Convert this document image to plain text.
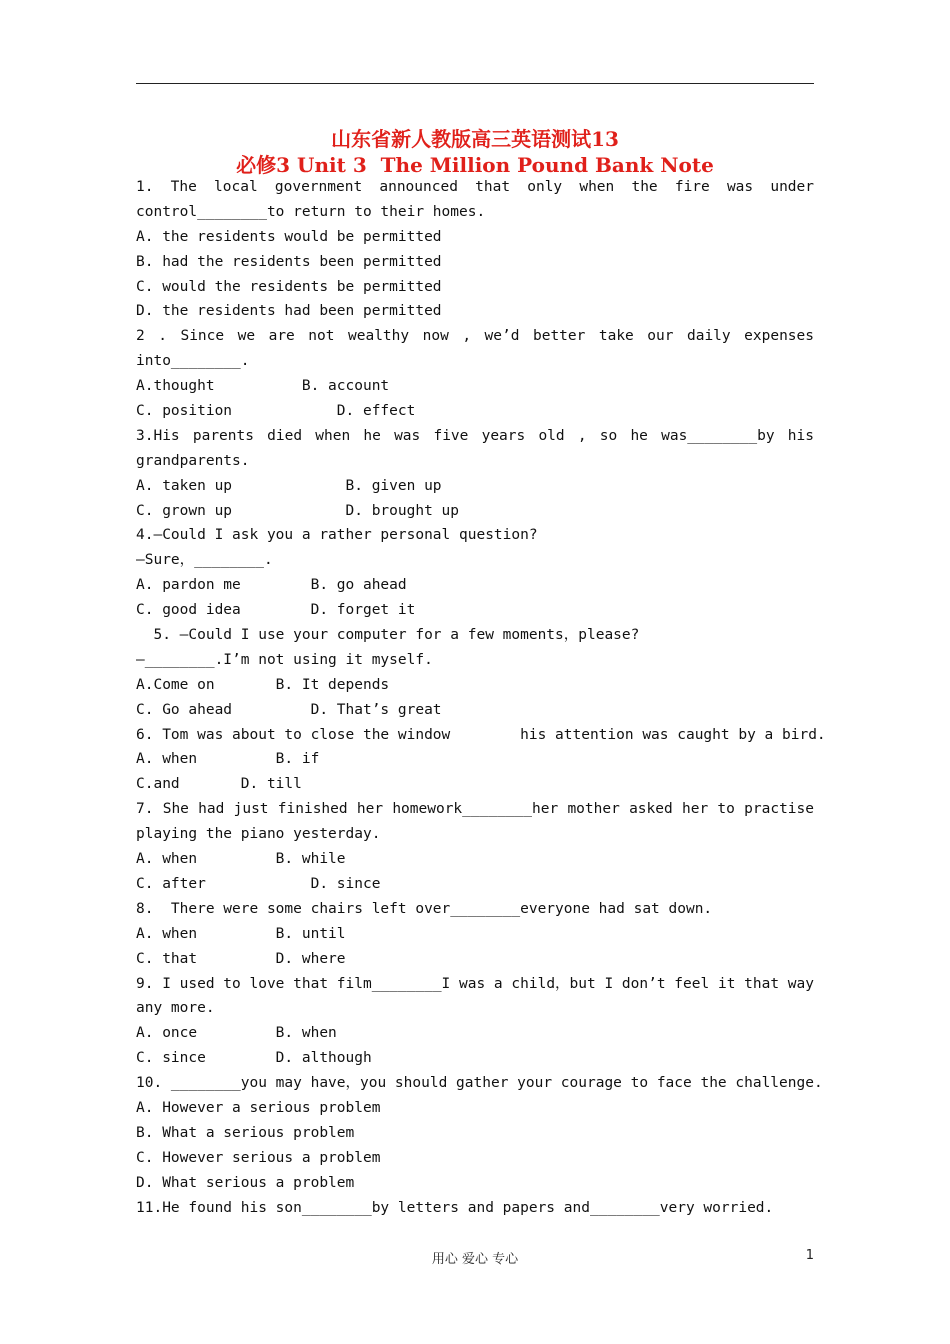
山东省新人教版高三英语测试13
必修3 Unit 3  The Million Pound Bank Note
1. The local government announced that only when the fire was under
control________to return to their homes.
A. the residents would be permitted
B. had the residents been permitted
C. would the residents be permitted
D. the residents had been permitted
2 . Since we are not wealthy now , we’d better take our daily expenses
into________.
A.thought          B. account
C. position            D. effect
3.His parents died when he was five years old , so he was________by his
grandparents.
A. taken up             B. given up
C. grown up             D. brought up
4.—Could I ask you a rather personal question?
—Sure，________.
A. pardon me        B. go ahead
C. good idea        D. forget it
5. —Could I use your computer for a few moments，please?
—________.I’m not using it myself.
A.Come on       B. It depends
C. Go ahead         D. That’s great
6. Tom was about to close the window        his attention was caught by a bird.
A. when         B. if
C.and       D. till
7. She had just finished her homework________her mother asked her to practise
playing the piano yesterday.
A. when         B. while
C. after            D. since
8.  There were some chairs left over________everyone had sat down.
A. when         B. until
C. that         D. where
9. I used to love that film________I was a child，but I don’t feel it that way
any more.
A. once         B. when
C. since        D. although
10. ________you may have，you should gather your courage to face the challenge.
A. However a serious problem
B. What a serious problem
C. However serious a problem
D. What serious a problem
11.He found his son________by letters and papers and________very worried.
用心 爱心 专心	1
